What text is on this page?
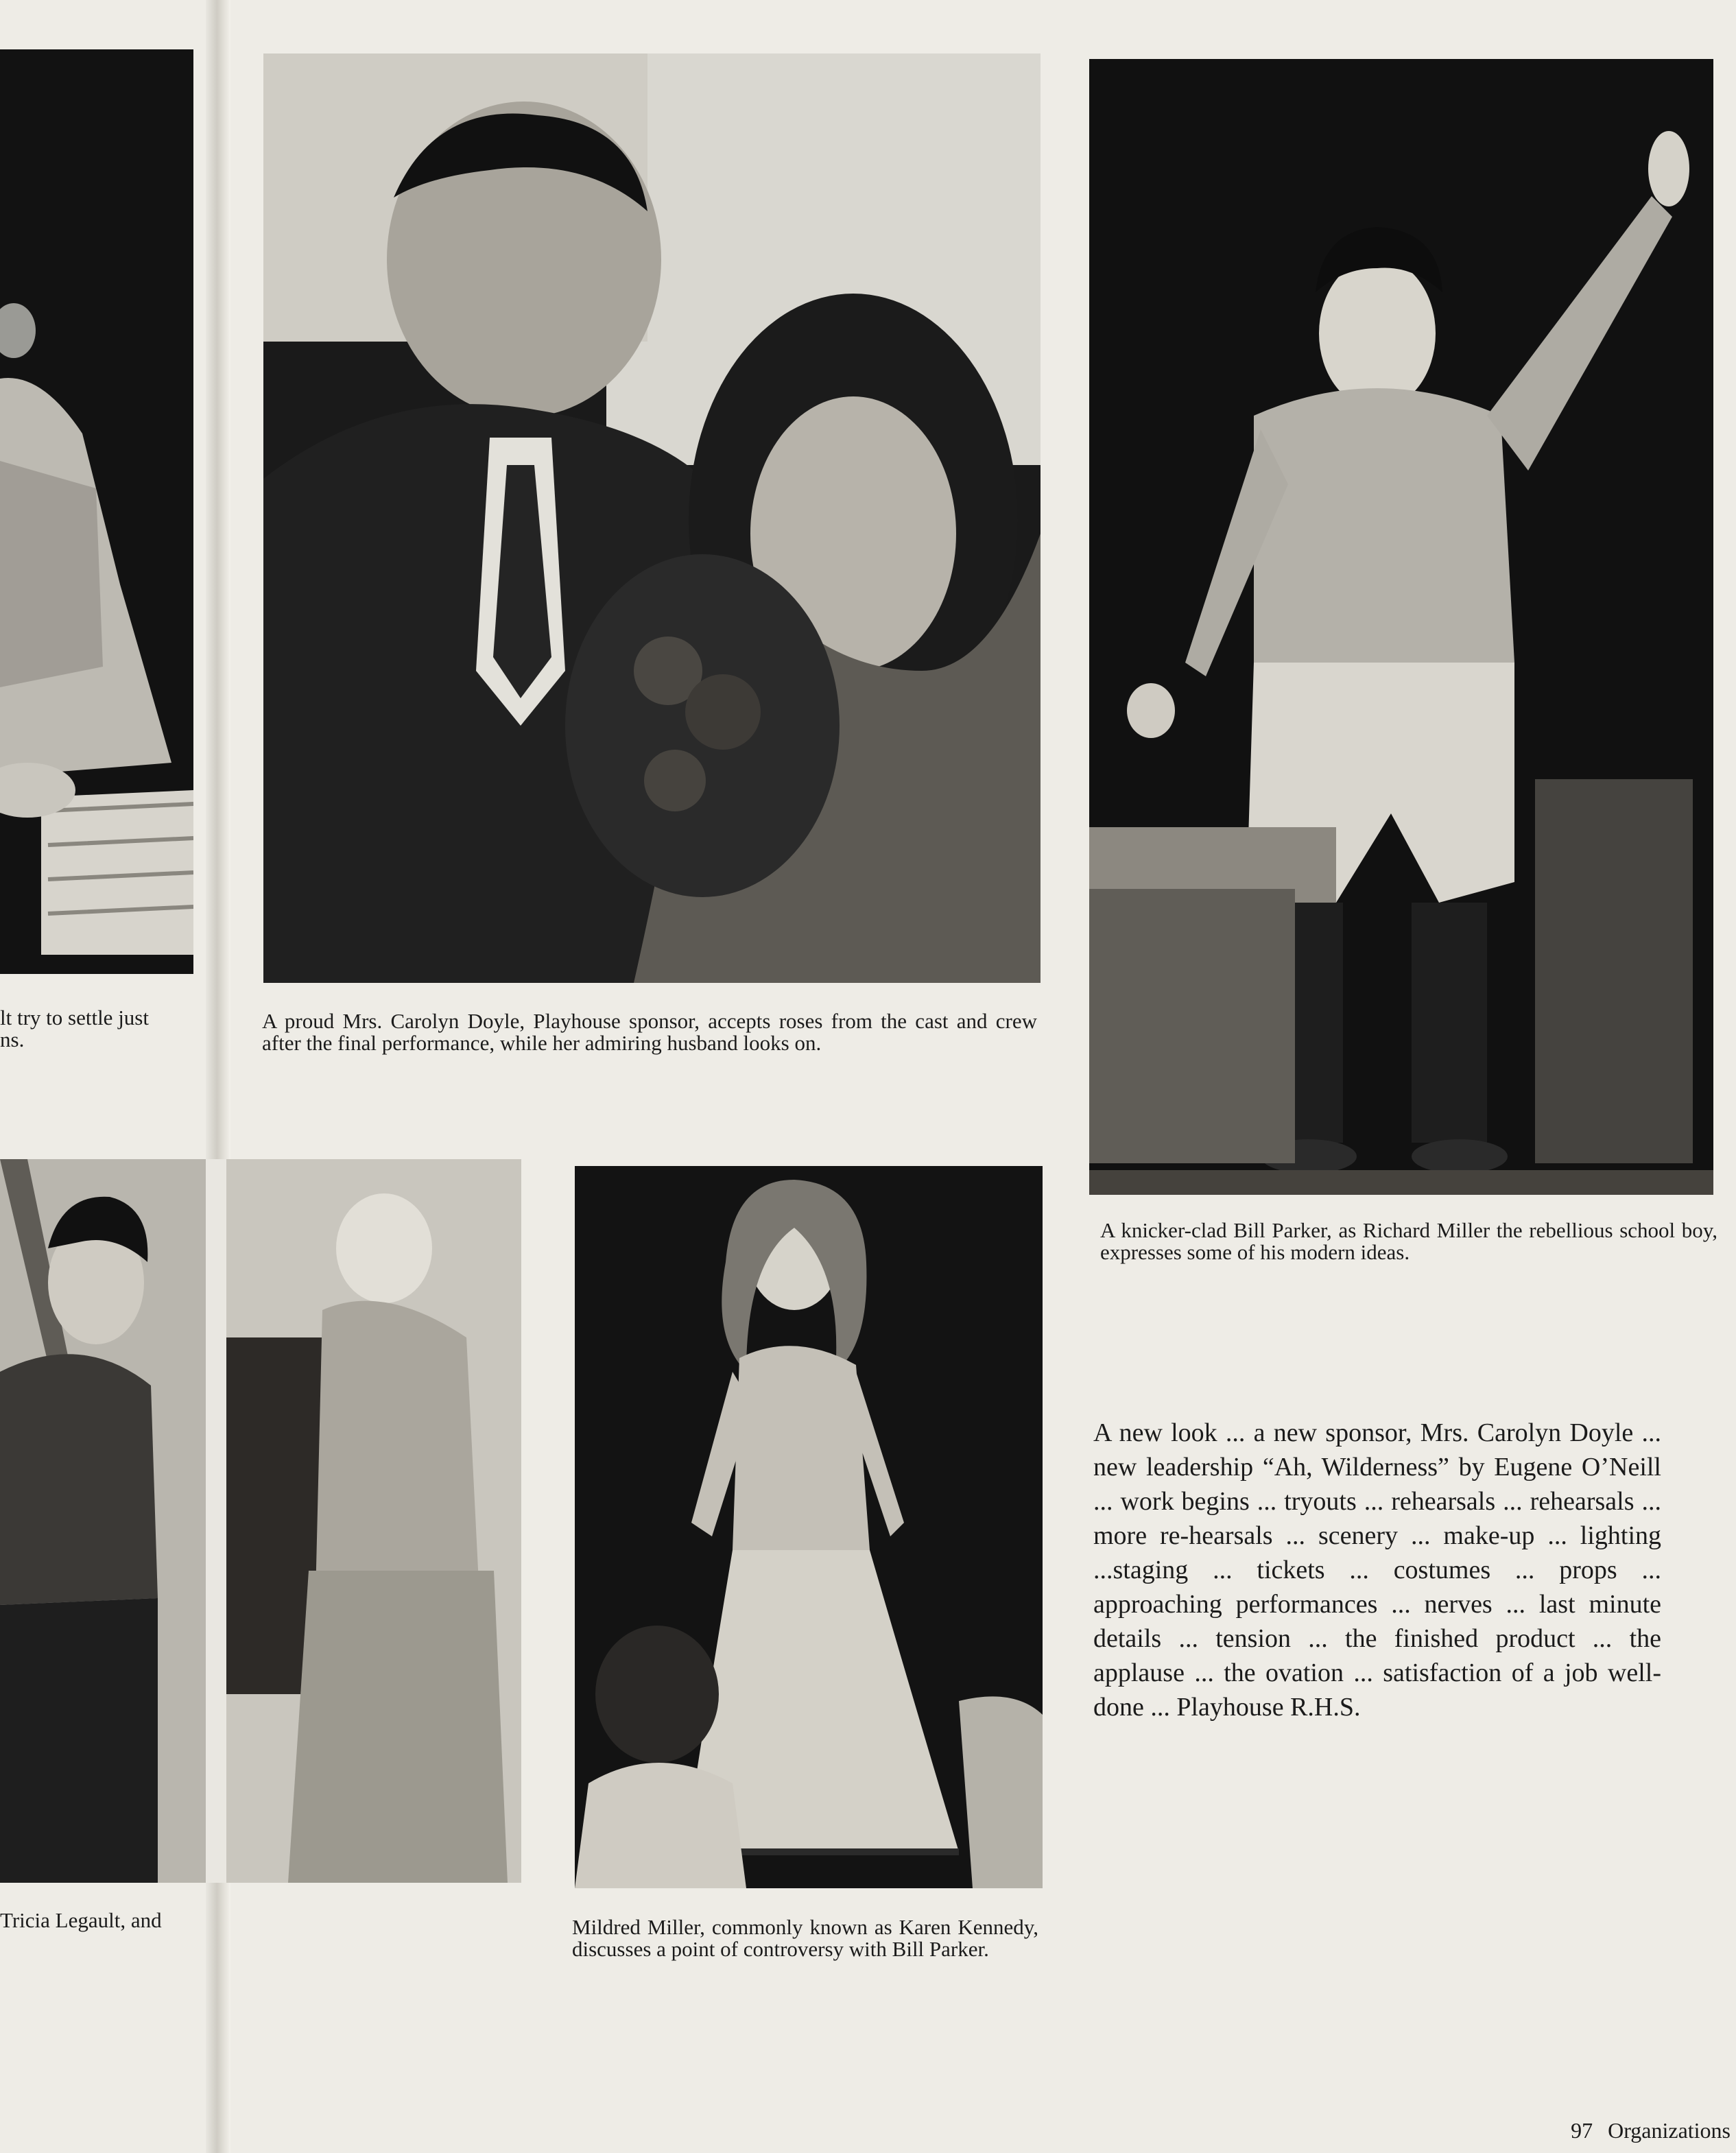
lt try to settle just
ns.

A proud Mrs. Carolyn Doyle, Playhouse sponsor, accepts roses from the cast and crew after the final performance, while her admiring husband looks on.

A knicker-clad Bill Parker, as Richard Miller the rebellious school boy, expresses some of his modern ideas.

Tricia Legault, and	Mildred Miller, commonly known as Karen Kennedy, discusses a point of controversy with Bill Parker.

A new look ... a new sponsor, Mrs. Carolyn Doyle ... new leadership “Ah, Wilderness” by Eugene O’Neill ... work begins ... tryouts ... rehearsals ... rehearsals ... more re-hearsals ... scenery ... make-up ... lighting ...staging ... tickets ... costumes ... props ... approaching performances ... nerves ... last minute details ... tension ... the finished product ... the applause ... the ovation ... satisfaction of a job well-done ... Playhouse R.H.S.

97 Organizations
